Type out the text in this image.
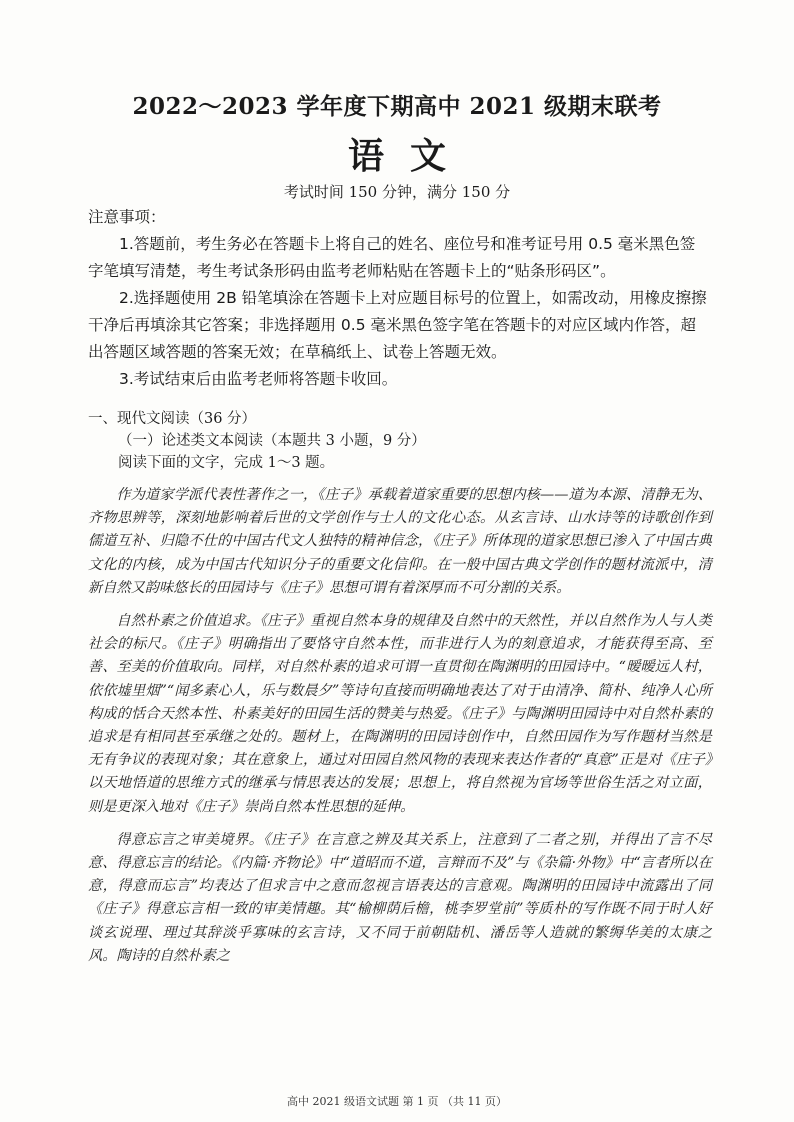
2022～2023 学年度下期高中 2021 级期末联考
语文
考试时间 150 分钟，满分 150 分

注意事项：

1.答题前，考生务必在答题卡上将自己的姓名、座位号和准考证号用 0.5 毫米黑色签字笔填写清楚，考生考试条形码由监考老师粘贴在答题卡上的“贴条形码区”。

2.选择题使用 2B 铅笔填涂在答题卡上对应题目标号的位置上，如需改动，用橡皮擦擦干净后再填涂其它答案；非选择题用 0.5 毫米黑色签字笔在答题卡的对应区域内作答，超出答题区域答题的答案无效；在草稿纸上、试卷上答题无效。

3.考试结束后由监考老师将答题卡收回。

一、现代文阅读（36 分）

（一）论述类文本阅读（本题共 3 小题，9 分）

阅读下面的文字，完成 1～3 题。

作为道家学派代表性著作之一，《庄子》承载着道家重要的思想内核——道为本源、清静无为、齐物思辨等，深刻地影响着后世的文学创作与士人的文化心态。从玄言诗、山水诗等的诗歌创作到儒道互补、归隐不仕的中国古代文人独特的精神信念，《庄子》所体现的道家思想已渗入了中国古典文化的内核，成为中国古代知识分子的重要文化信仰。在一般中国古典文学创作的题材流派中，清新自然又韵味悠长的田园诗与《庄子》思想可谓有着深厚而不可分割的关系。

自然朴素之价值追求。《庄子》重视自然本身的规律及自然中的天然性，并以自然作为人与人类社会的标尺。《庄子》明确指出了要恪守自然本性，而非进行人为的刻意追求，才能获得至高、至善、至美的价值取向。同样，对自然朴素的追求可谓一直贯彻在陶渊明的田园诗中。“暧暧远人村，依依墟里烟”“闻多素心人，乐与数晨夕”等诗句直接而明确地表达了对于由清净、简朴、纯净人心所构成的恬合天然本性、朴素美好的田园生活的赞美与热爱。《庄子》与陶渊明田园诗中对自然朴素的追求是有相同甚至承继之处的。题材上，在陶渊明的田园诗创作中，自然田园作为写作题材当然是无有争议的表现对象；其在意象上，通过对田园自然风物的表现来表达作者的“真意”正是对《庄子》以天地悟道的思维方式的继承与情思表达的发展；思想上，将自然视为官场等世俗生活之对立面，则是更深入地对《庄子》崇尚自然本性思想的延伸。

得意忘言之审美境界。《庄子》在言意之辨及其关系上，注意到了二者之别，并得出了言不尽意、得意忘言的结论。《内篇·齐物论》中“道昭而不道，言辩而不及”与《杂篇·外物》中“言者所以在意，得意而忘言”均表达了但求言中之意而忽视言语表达的言意观。陶渊明的田园诗中流露出了同《庄子》得意忘言相一致的审美情趣。其“榆柳荫后檐，桃李罗堂前”等质朴的写作既不同于时人好谈玄说理、理过其辞淡乎寡味的玄言诗，又不同于前朝陆机、潘岳等人造就的繁缛华美的太康之风。陶诗的自然朴素之

高中 2021 级语文试题 第 1 页 （共 11 页）
